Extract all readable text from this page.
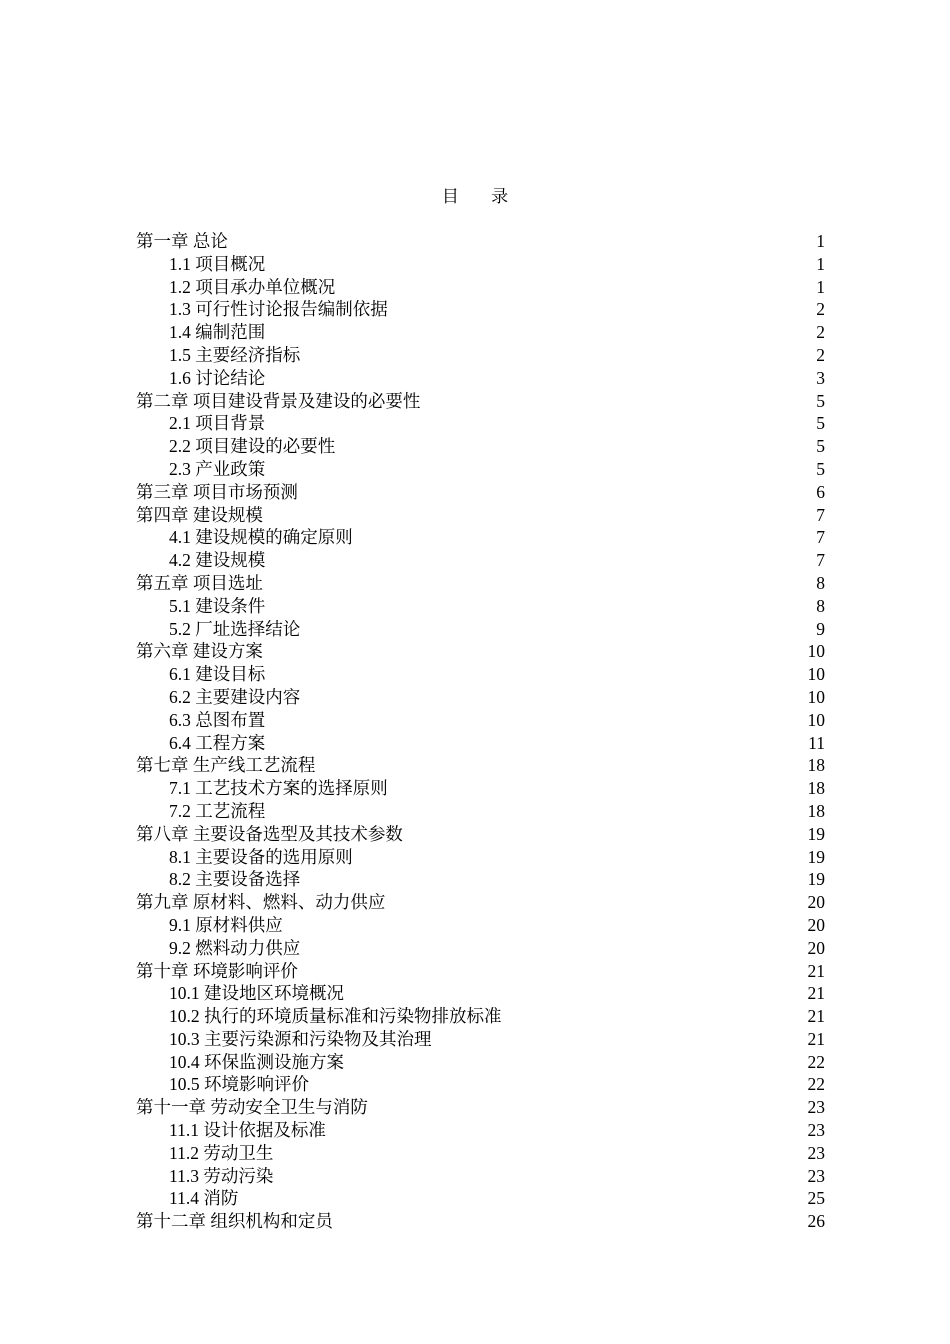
目 录
第一章 总论	1
1.1 项目概况	1
1.2 项目承办单位概况	1
1.3 可行性讨论报告编制依据	2
1.4 编制范围	2
1.5 主要经济指标	2
1.6 讨论结论	3
第二章 项目建设背景及建设的必要性	5
2.1 项目背景	5
2.2 项目建设的必要性	5
2.3 产业政策	5
第三章 项目市场预测	6
第四章 建设规模	7
4.1 建设规模的确定原则	7
4.2 建设规模	7
第五章 项目选址	8
5.1 建设条件	8
5.2 厂址选择结论	9
第六章 建设方案	10
6.1 建设目标	10
6.2 主要建设内容	10
6.3 总图布置	10
6.4 工程方案	11
第七章 生产线工艺流程	18
7.1 工艺技术方案的选择原则	18
7.2 工艺流程	18
第八章 主要设备选型及其技术参数	19
8.1 主要设备的选用原则	19
8.2 主要设备选择	19
第九章 原材料、燃料、动力供应	20
9.1 原材料供应	20
9.2 燃料动力供应	20
第十章 环境影响评价	21
10.1 建设地区环境概况	21
10.2 执行的环境质量标准和污染物排放标准	21
10.3 主要污染源和污染物及其治理	21
10.4 环保监测设施方案	22
10.5 环境影响评价	22
第十一章 劳动安全卫生与消防	23
11.1 设计依据及标准	23
11.2 劳动卫生	23
11.3 劳动污染	23
11.4 消防	25
第十二章 组织机构和定员	26
